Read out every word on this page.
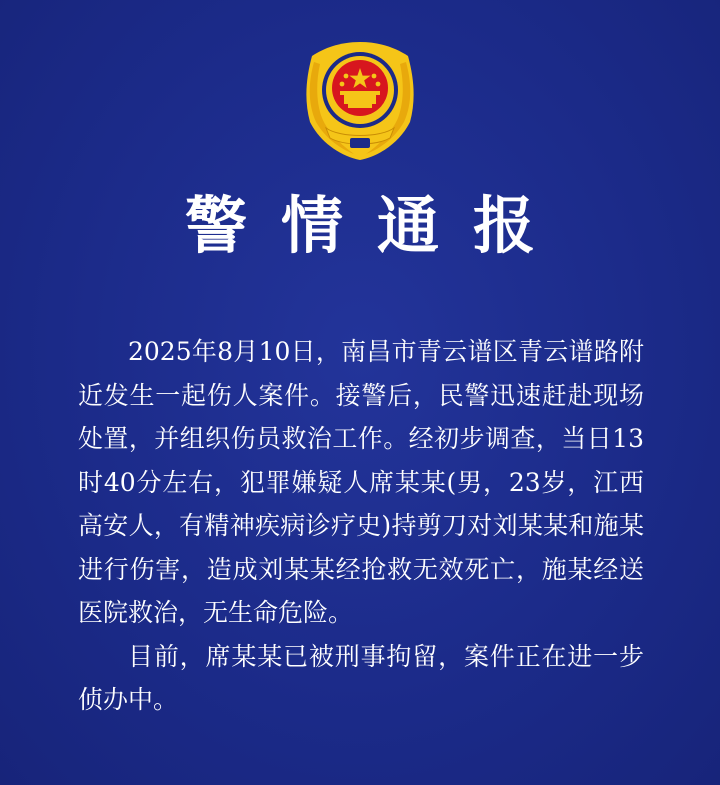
警情通报

2025年8月10日，南昌市青云谱区青云谱路附近发生一起伤人案件。接警后，民警迅速赶赴现场处置，并组织伤员救治工作。经初步调查，当日13时40分左右，犯罪嫌疑人席某某(男，23岁，江西高安人，有精神疾病诊疗史)持剪刀对刘某某和施某进行伤害，造成刘某某经抢救无效死亡，施某经送医院救治，无生命危险。

目前，席某某已被刑事拘留，案件正在进一步侦办中。
